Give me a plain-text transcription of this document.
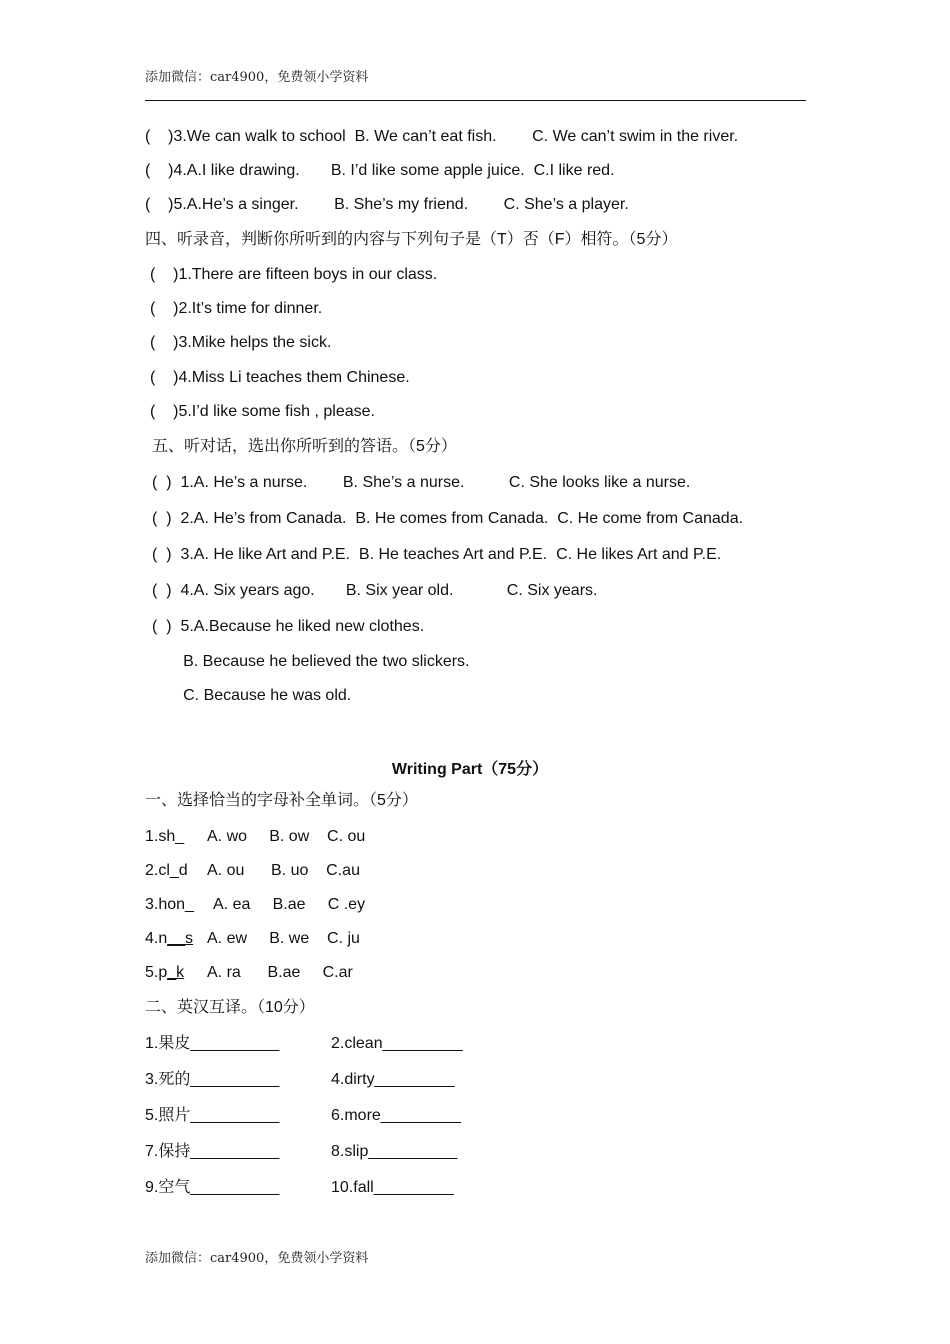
添加微信：car4900，免费领小学资料
(    )3.We can walk to school  B. We can’t eat fish.        C. We can’t swim in the river.
(    )4.A.I like drawing.       B. I’d like some apple juice.  C.I like red.
(    )5.A.He’s a singer.        B. She’s my friend.        C. She’s a player.
四、听录音，判断你所听到的内容与下列句子是（T）否（F）相符。（5分）
(    )1.There are fifteen boys in our class.
(    )2.It’s time for dinner.
(    )3.Mike helps the sick.
(    )4.Miss Li teaches them Chinese.
(    )5.I’d like some fish , please.
五、听对话，选出你所听到的答语。（5分）
(  )  1.A. He’s a nurse.        B. She’s a nurse.          C. She looks like a nurse.
(  )  2.A. He’s from Canada.  B. He comes from Canada.  C. He come from Canada.
(  )  3.A. He like Art and P.E.  B. He teaches Art and P.E.  C. He likes Art and P.E.
(  )  4.A. Six years ago.       B. Six year old.            C. Six years.
(  )  5.A.Because he liked new clothes.
B. Because he believed the two slickers.
C. Because he was old.
Writing Part（75分）
一、选择恰当的字母补全单词。（5分）
1.sh_ A. wo     B. ow    C. ou
2.cl_d A. ou      B. uo    C.au
3.hon_ A. ea     B.ae     C .ey
4.n__s A. ew     B. we    C. ju
5.p_k A. ra      B.ae     C.ar
二、英汉互译。（10分）
1.果皮__________	2.clean_________
3.死的__________	4.dirty_________
5.照片__________	6.more_________
7.保持__________	8.slip__________
9.空气__________	10.fall_________
添加微信：car4900，免费领小学资料
